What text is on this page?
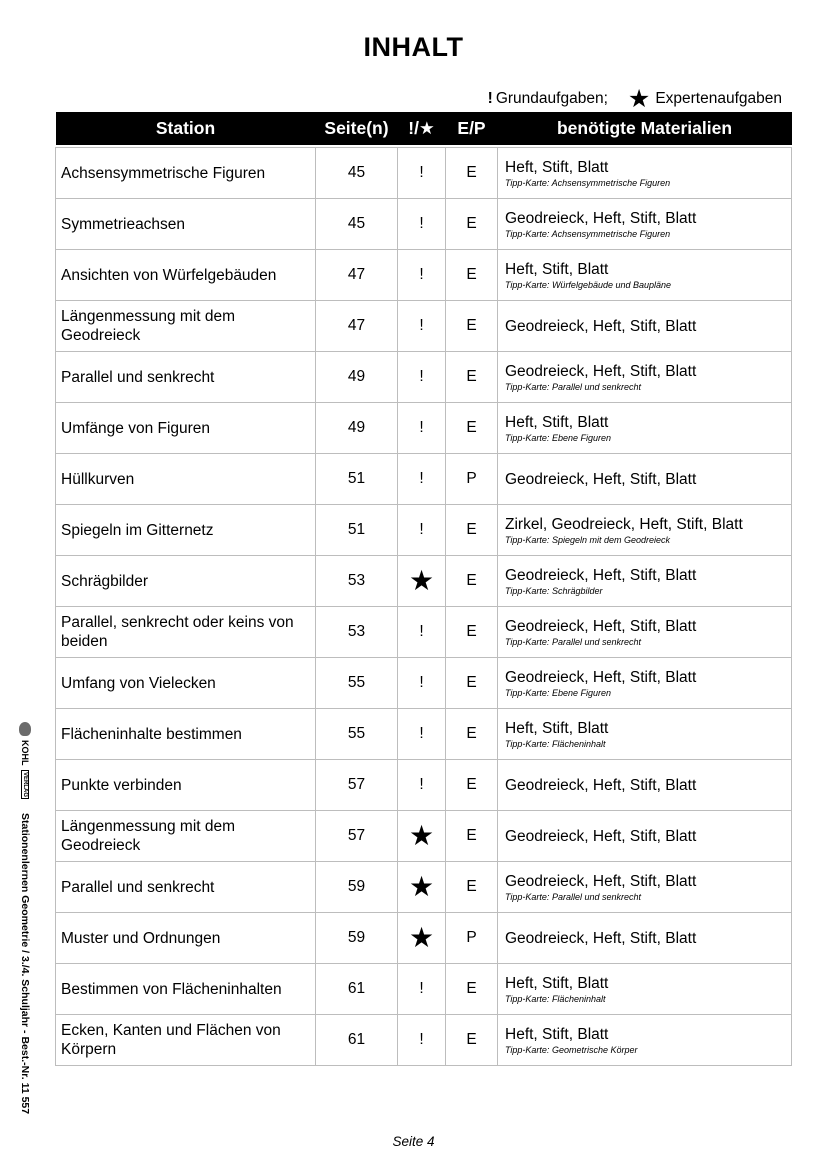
INHALT
! Grundaufgaben; ★ Expertenaufgaben
Station	Seite(n)	!/★	E/P	benötigte Materialien

Achsensymmetrische Figuren	45	!	E	Heft, Stift, Blatt
Tipp-Karte: Achsensymmetrische Figuren

Symmetrieachsen	45	!	E	Geodreieck, Heft, Stift, Blatt
Tipp-Karte: Achsensymmetrische Figuren

Ansichten von Würfelgebäuden	47	!	E	Heft, Stift, Blatt
Tipp-Karte: Würfelgebäude und Baupläne

Längenmessung mit dem Geodreieck	47	!	E	Geodreieck, Heft, Stift, Blatt

Parallel und senkrecht	49	!	E	Geodreieck, Heft, Stift, Blatt
Tipp-Karte: Parallel und senkrecht

Umfänge von Figuren	49	!	E	Heft, Stift, Blatt
Tipp-Karte: Ebene Figuren

Hüllkurven	51	!	P	Geodreieck, Heft, Stift, Blatt

Spiegeln im Gitternetz	51	!	E	Zirkel, Geodreieck, Heft, Stift, Blatt
Tipp-Karte: Spiegeln mit dem Geodreieck

Schrägbilder	53	★	E	Geodreieck, Heft, Stift, Blatt
Tipp-Karte: Schrägbilder

Parallel, senkrecht oder keins von beiden	53	!	E	Geodreieck, Heft, Stift, Blatt
Tipp-Karte: Parallel und senkrecht

Umfang von Vielecken	55	!	E	Geodreieck, Heft, Stift, Blatt
Tipp-Karte: Ebene Figuren

Flächeninhalte bestimmen	55	!	E	Heft, Stift, Blatt
Tipp-Karte: Flächeninhalt

Punkte verbinden	57	!	E	Geodreieck, Heft, Stift, Blatt

Längenmessung mit dem Geodreieck	57	★	E	Geodreieck, Heft, Stift, Blatt

Parallel und senkrecht	59	★	E	Geodreieck, Heft, Stift, Blatt
Tipp-Karte: Parallel und senkrecht

Muster und Ordnungen	59	★	P	Geodreieck, Heft, Stift, Blatt

Bestimmen von Flächeninhalten	61	!	E	Heft, Stift, Blatt
Tipp-Karte: Flächeninhalt

Ecken, Kanten und Flächen von Körpern	61	!	E	Heft, Stift, Blatt
Tipp-Karte: Geometrische Körper
KOHL
VERLAG
Stationenlernen Geometrie / 3./4. Schuljahr - Best.-Nr. 11 557
Seite 4
